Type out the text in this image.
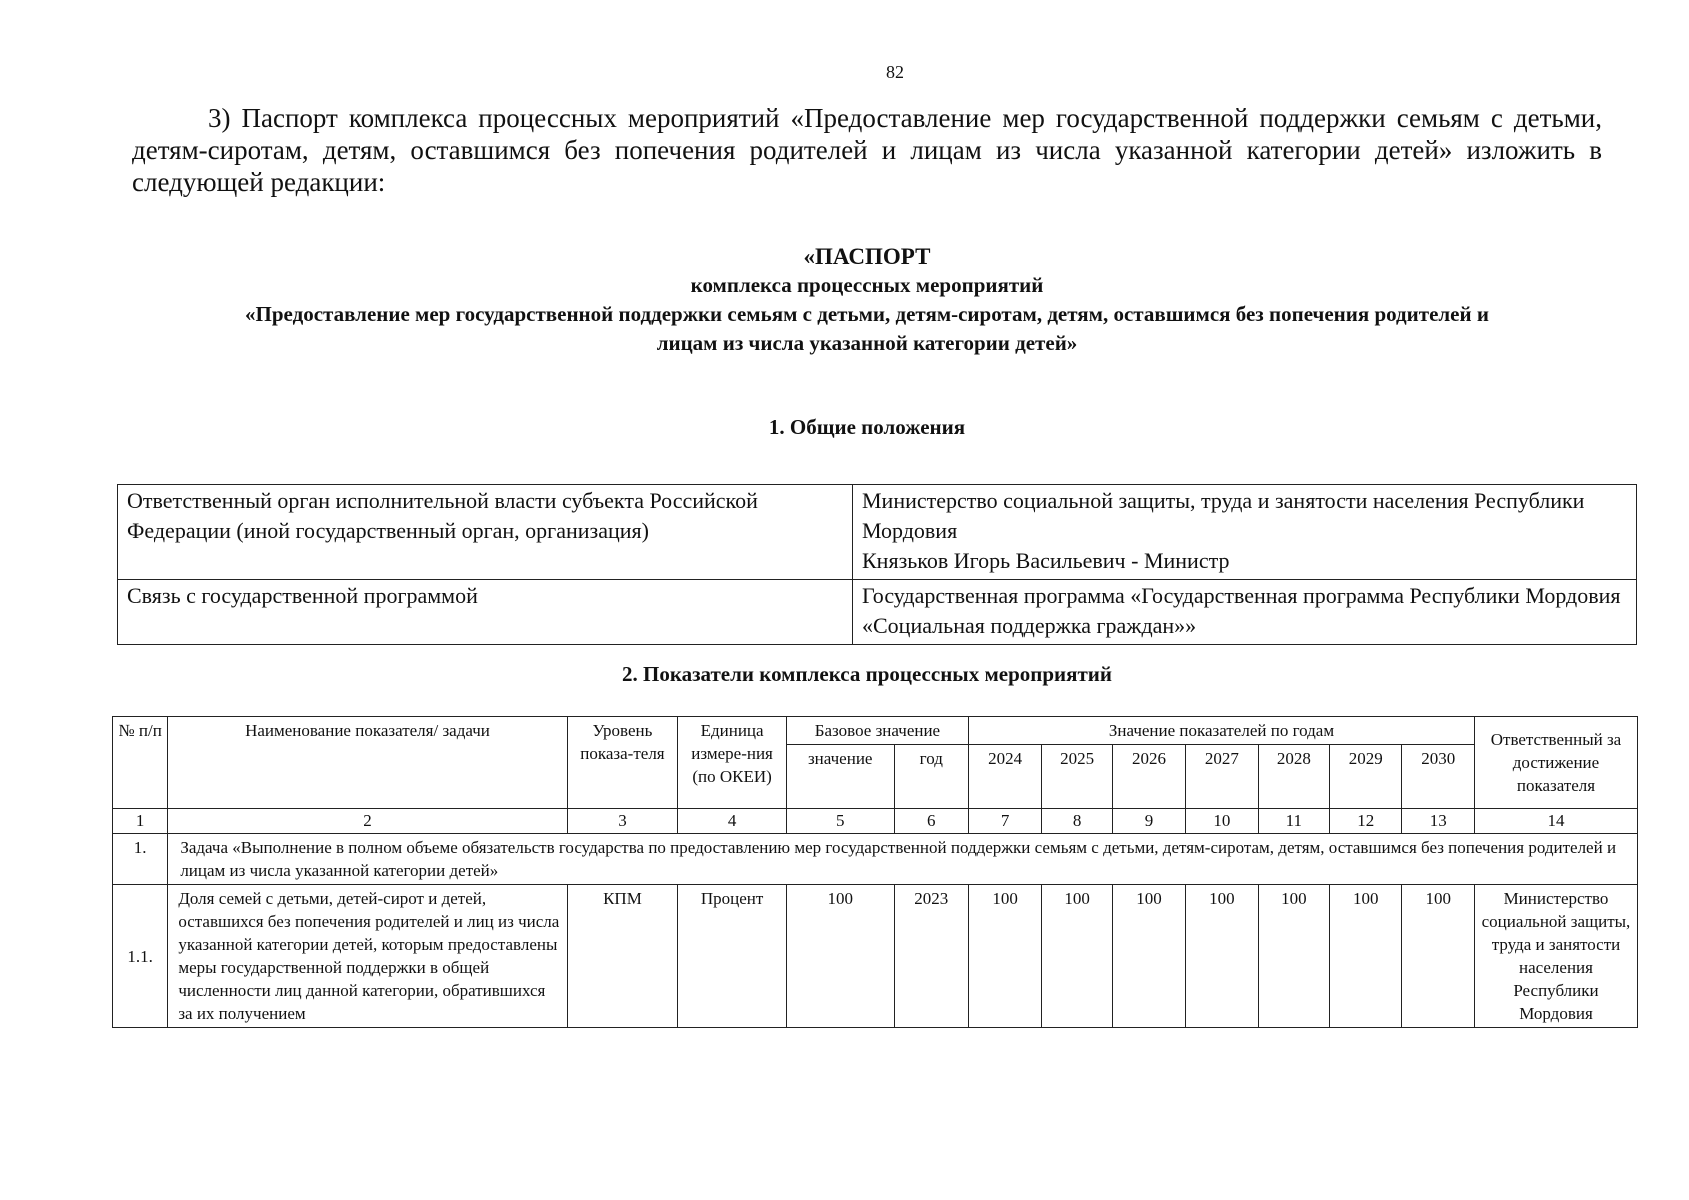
82
3) Паспорт комплекса процессных мероприятий «Предоставление мер государственной поддержки семьям с детьми, детям-сиротам, детям, оставшимся без попечения родителей и лицам из числа указанной категории детей» изложить в следующей редакции:
«ПАСПОРТ
комплекса процессных мероприятий
«Предоставление мер государственной поддержки семьям с детьми, детям-сиротам, детям, оставшимся без попечения родителей и
лицам из числа указанной категории детей»
1. Общие положения
Ответственный орган исполнительной власти субъекта Российской Федерации (иной государственный орган, организация)	Министерство социальной защиты, труда и занятости населения Республики Мордовия
Князьков Игорь Васильевич - Министр

Связь с государственной программой	Государственная программа «Государственная программа Республики Мордовия «Социальная поддержка граждан»»
2. Показатели комплекса процессных мероприятий
№ п/п	Наименование показателя/ задачи	Уровень показа-теля	Единица измере-ния (по ОКЕИ)	Базовое значение		Значение показателей по годам							Ответственный за достижение показателя
				значение	год	2024	2025	2026	2027	2028	2029	2030	
1	2	3	4	5	6	7	8	9	10	11	12	13	14
1.	Задача «Выполнение в полном объеме обязательств государства по предоставлению мер государственной поддержки семьям с детьми, детям-сиротам, детям, оставшимся без попечения родителей и лицам из числа указанной категории детей»												
1.1.	Доля семей с детьми, детей-сирот и детей, оставшихся без попечения родителей и лиц из числа указанной категории детей, которым предоставлены меры государственной поддержки в общей численности лиц данной категории, обратившихся за их получением	КПМ	Процент	100	2023	100	100	100	100	100	100	100	Министерство социальной защиты, труда и занятости населения Республики Мордовия
